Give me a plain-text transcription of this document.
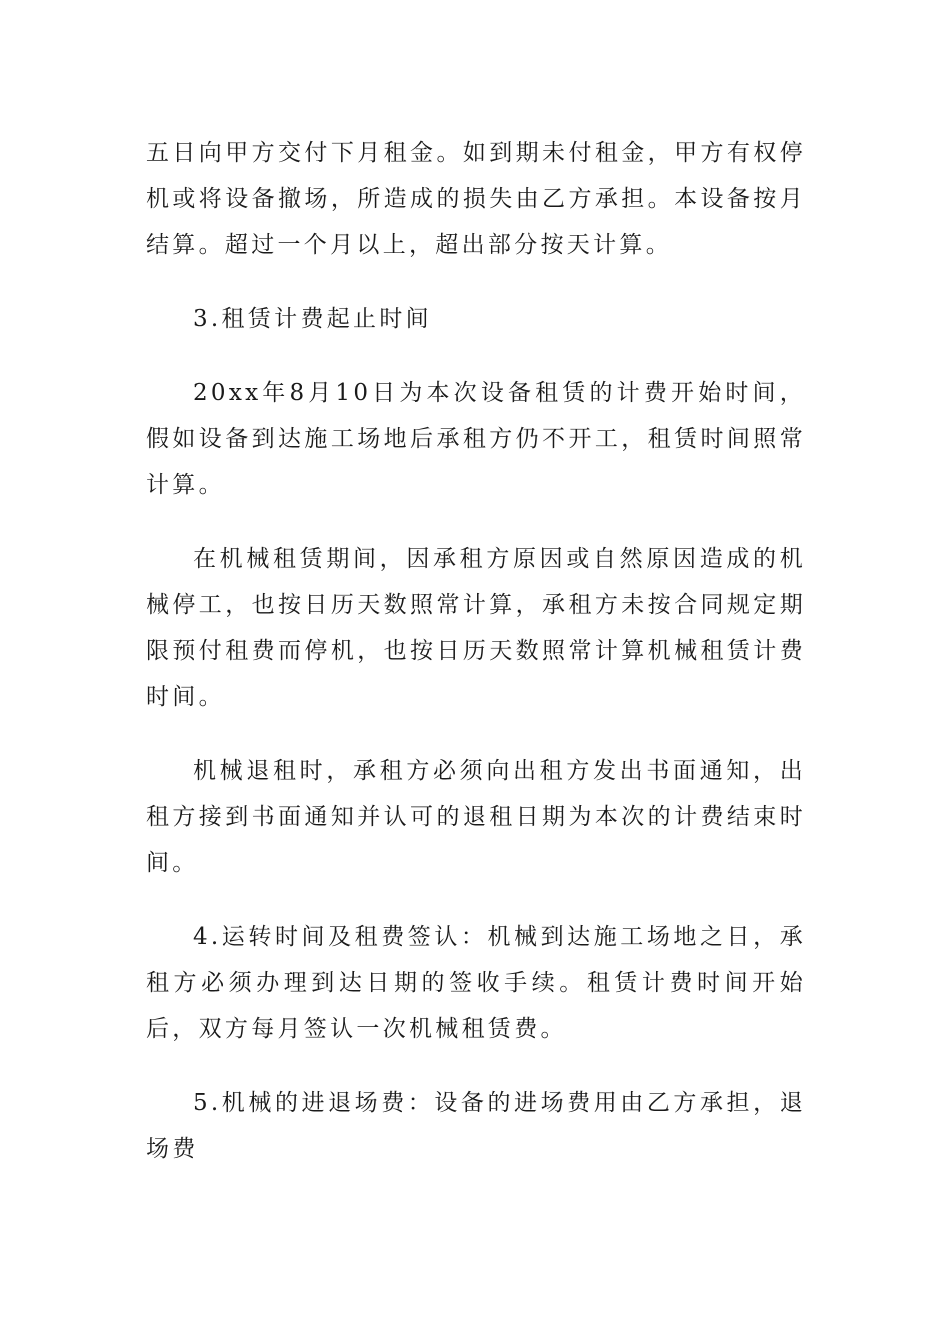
五日向甲方交付下月租金。如到期未付租金，甲方有权停机或将设备撤场，所造成的损失由乙方承担。本设备按月结算。超过一个月以上，超出部分按天计算。

3.租赁计费起止时间

20xx年8月10日为本次设备租赁的计费开始时间，假如设备到达施工场地后承租方仍不开工，租赁时间照常计算。

在机械租赁期间，因承租方原因或自然原因造成的机械停工，也按日历天数照常计算，承租方未按合同规定期限预付租费而停机，也按日历天数照常计算机械租赁计费时间。

机械退租时，承租方必须向出租方发出书面通知，出租方接到书面通知并认可的退租日期为本次的计费结束时间。

4.运转时间及租费签认：机械到达施工场地之日，承租方必须办理到达日期的签收手续。租赁计费时间开始后，双方每月签认一次机械租赁费。

5.机械的进退场费：设备的进场费用由乙方承担，退场费
